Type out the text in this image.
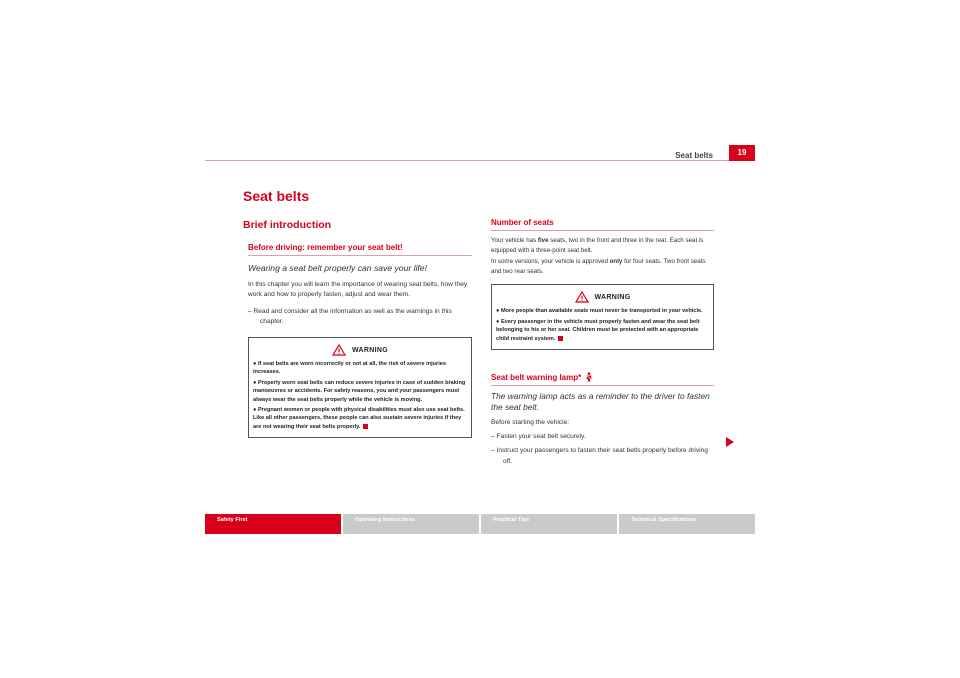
Seat belts	19
Seat belts
Brief introduction
Before driving: remember your seat belt!
Wearing a seat belt properly can save your life!
In this chapter you will learn the importance of wearing seat belts, how they work and how to properly fasten, adjust and wear them.
– Read and consider all the information as well as the warnings in this chapter.
WARNING
● If seat belts are worn incorrectly or not at all, the risk of severe injuries increases.
● Properly worn seat belts can reduce severe injuries in case of sudden braking manoeuvres or accidents. For safety reasons, you and your passengers must always wear the seat belts properly while the vehicle is moving.
● Pregnant women or people with physical disabilities must also use seat belts. Like all other passengers, these people can also sustain severe injuries if they are not wearing their seat belts properly.
Number of seats
Your vehicle has five seats, two in the front and three in the rear. Each seat is equipped with a three-point seat belt.
In some versions, your vehicle is approved only for four seats. Two front seats and two rear seats.
WARNING
● More people than available seats must never be transported in your vehicle.
● Every passenger in the vehicle must properly fasten and wear the seat belt belonging to his or her seat. Children must be protected with an appropriate child restraint system.
Seat belt warning lamp*
The warning lamp acts as a reminder to the driver to fasten the seat belt.
Before starting the vehicle:
– Fasten your seat belt securely.
– Instruct your passengers to fasten their seat belts properly before driving off.
Safety First	Operating Instructions	Practical Tips	Technical Specifications
